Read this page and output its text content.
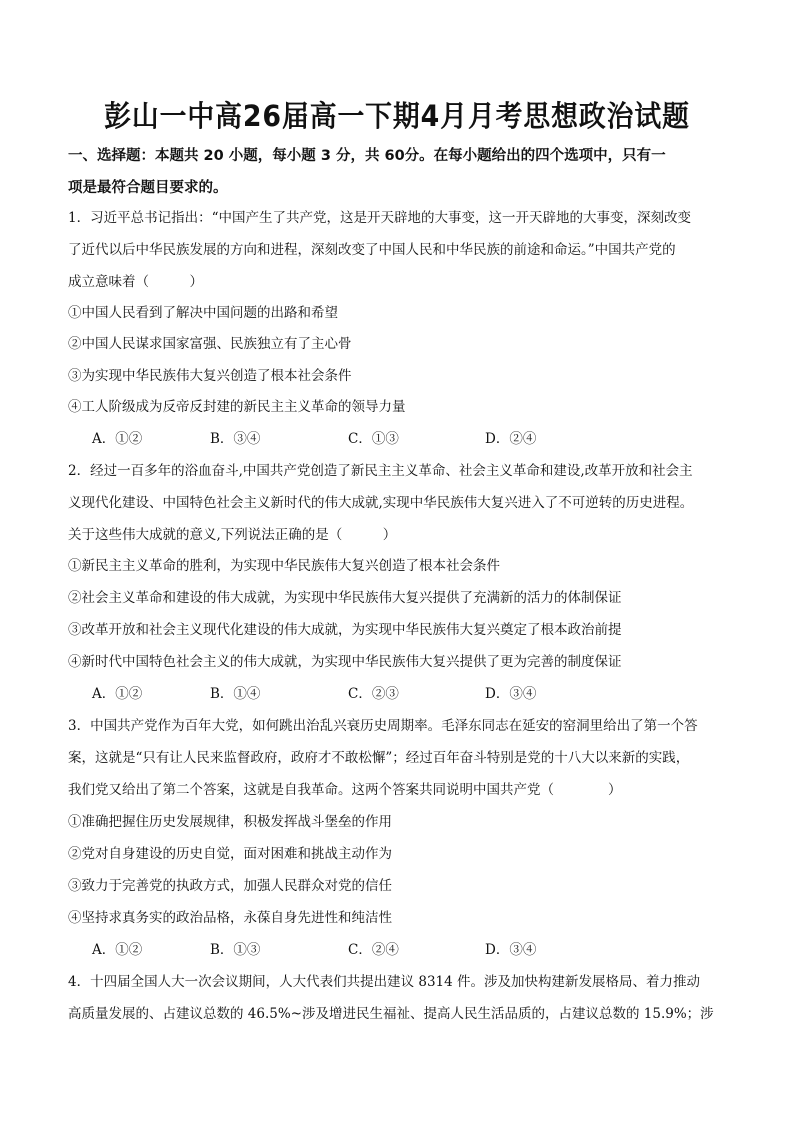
彭山一中高26届高一下期4月月考思想政治试题
一、选择题：本题共 20 小题，每小题 3 分，共 60分。在每小题给出的四个选项中，只有一
项是最符合题目要求的。
1．习近平总书记指出：“中国产生了共产党，这是开天辟地的大事变，这一开天辟地的大事变，深刻改变
了近代以后中华民族发展的方向和进程，深刻改变了中国人民和中华民族的前途和命运。”中国共产党的
成立意味着（　　　）
①中国人民看到了解决中国问题的出路和希望
②中国人民谋求国家富强、民族独立有了主心骨
③为实现中华民族伟大复兴创造了根本社会条件
④工人阶级成为反帝反封建的新民主主义革命的领导力量
A．①②	B．③④	C．①③	D．②④
2．经过一百多年的浴血奋斗,中国共产党创造了新民主主义革命、社会主义革命和建设,改革开放和社会主
义现代化建设、中国特色社会主义新时代的伟大成就,实现中华民族伟大复兴进入了不可逆转的历史进程。
关于这些伟大成就的意义,下列说法正确的是（　　　）
①新民主主义革命的胜利，为实现中华民族伟大复兴创造了根本社会条件
②社会主义革命和建设的伟大成就，为实现中华民族伟大复兴提供了充满新的活力的体制保证
③改革开放和社会主义现代化建设的伟大成就，为实现中华民族伟大复兴奠定了根本政治前提
④新时代中国特色社会主义的伟大成就，为实现中华民族伟大复兴提供了更为完善的制度保证
A．①②	B．①④	C．②③	D．③④
3．中国共产党作为百年大党，如何跳出治乱兴衰历史周期率。毛泽东同志在延安的窑洞里给出了第一个答
案，这就是“只有让人民来监督政府，政府才不敢松懈”；经过百年奋斗特别是党的十八大以来新的实践，
我们党又给出了第二个答案，这就是自我革命。这两个答案共同说明中国共产党（　　　　）
①准确把握住历史发展规律，积极发挥战斗堡垒的作用
②党对自身建设的历史自觉，面对困难和挑战主动作为
③致力于完善党的执政方式，加强人民群众对党的信任
④坚持求真务实的政治品格，永葆自身先进性和纯洁性
A．①②	B．①③	C．②④	D．③④
4．十四届全国人大一次会议期间，人大代表们共提出建议 8314 件。涉及加快构建新发展格局、着力推动
高质量发展的、占建议总数的 46.5%~涉及增进民生福祉、提高人民生活品质的，占建议总数的 15.9%；涉
